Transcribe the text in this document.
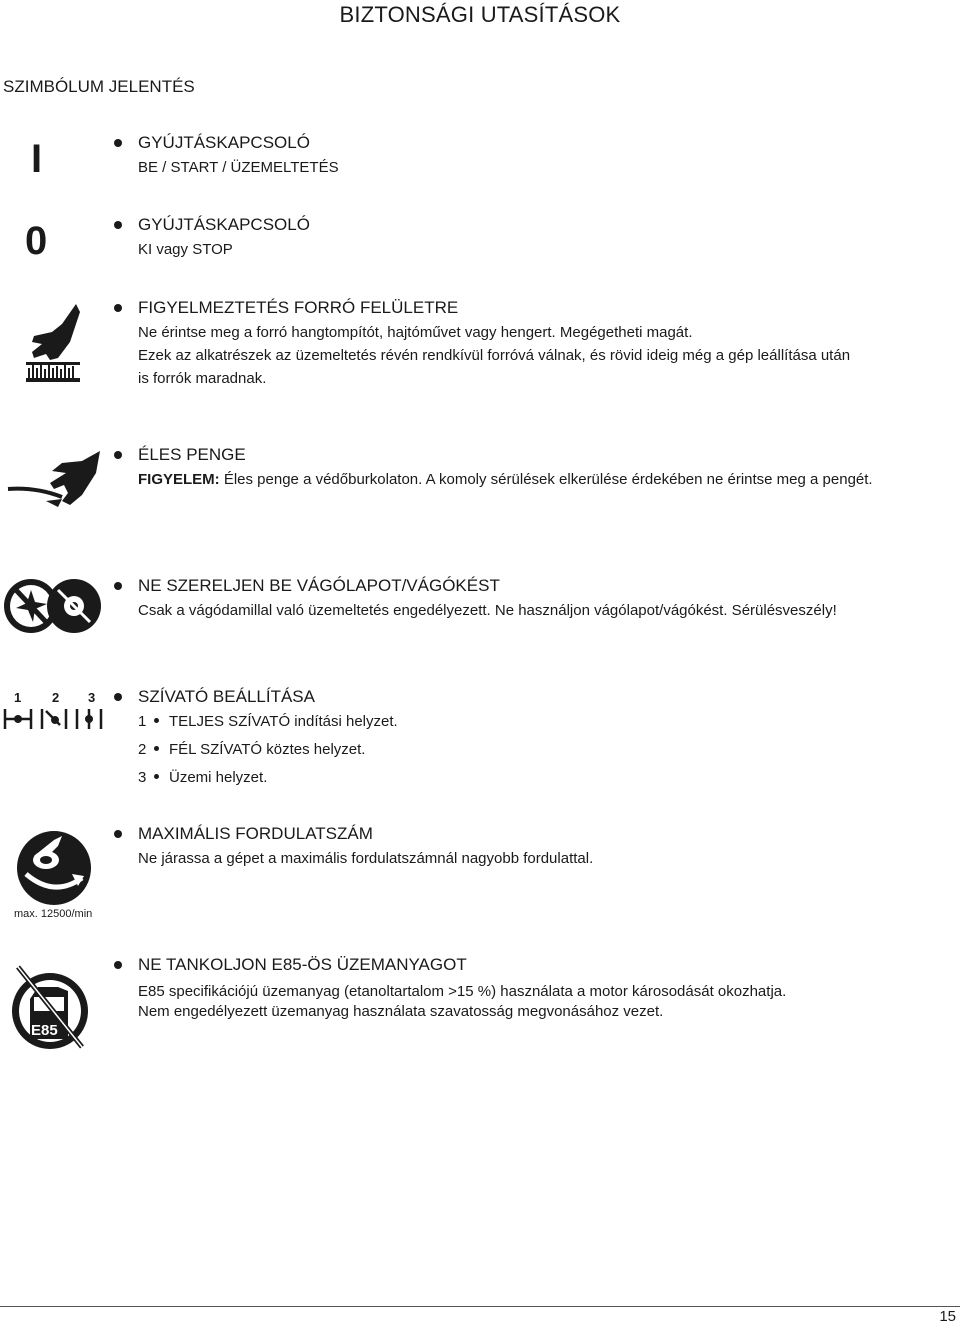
BIZTONSÁGI UTASÍTÁSOK
SZIMBÓLUM JELENTÉS
I	GYÚJTÁSKAPCSOLÓ
BE / START / ÜZEMELTETÉS
0	GYÚJTÁSKAPCSOLÓ
KI vagy STOP
FIGYELMEZTETÉS FORRÓ FELÜLETRE
Ne érintse meg a forró hangtompítót, hajtóművet vagy hengert. Megégetheti magát.
Ezek az alkatrészek az üzemeltetés révén rendkívül forróvá válnak, és rövid ideig még a gép leállítása után
is forrók maradnak.
ÉLES PENGE
FIGYELEM: Éles penge a védőburkolaton. A komoly sérülések elkerülése érdekében ne érintse meg a pengét.
NE SZERELJEN BE VÁGÓLAPOT/VÁGÓKÉST
Csak a vágódamillal való üzemeltetés engedélyezett. Ne használjon vágólapot/vágókést. Sérülésveszély!
1 2 3	SZÍVATÓ BEÁLLÍTÁSA
1 TELJES SZÍVATÓ indítási helyzet.
2 FÉL SZÍVATÓ köztes helyzet.
3 Üzemi helyzet.
max. 12500/min
MAXIMÁLIS FORDULATSZÁM
Ne járassa a gépet a maximális fordulatszámnál nagyobb fordulattal.
E85
NE TANKOLJON E85-ÖS ÜZEMANYAGOT
E85 specifikációjú üzemanyag (etanoltartalom >15 %) használata a motor károsodását okozhatja.
Nem engedélyezett üzemanyag használata szavatosság megvonásához vezet.
15
